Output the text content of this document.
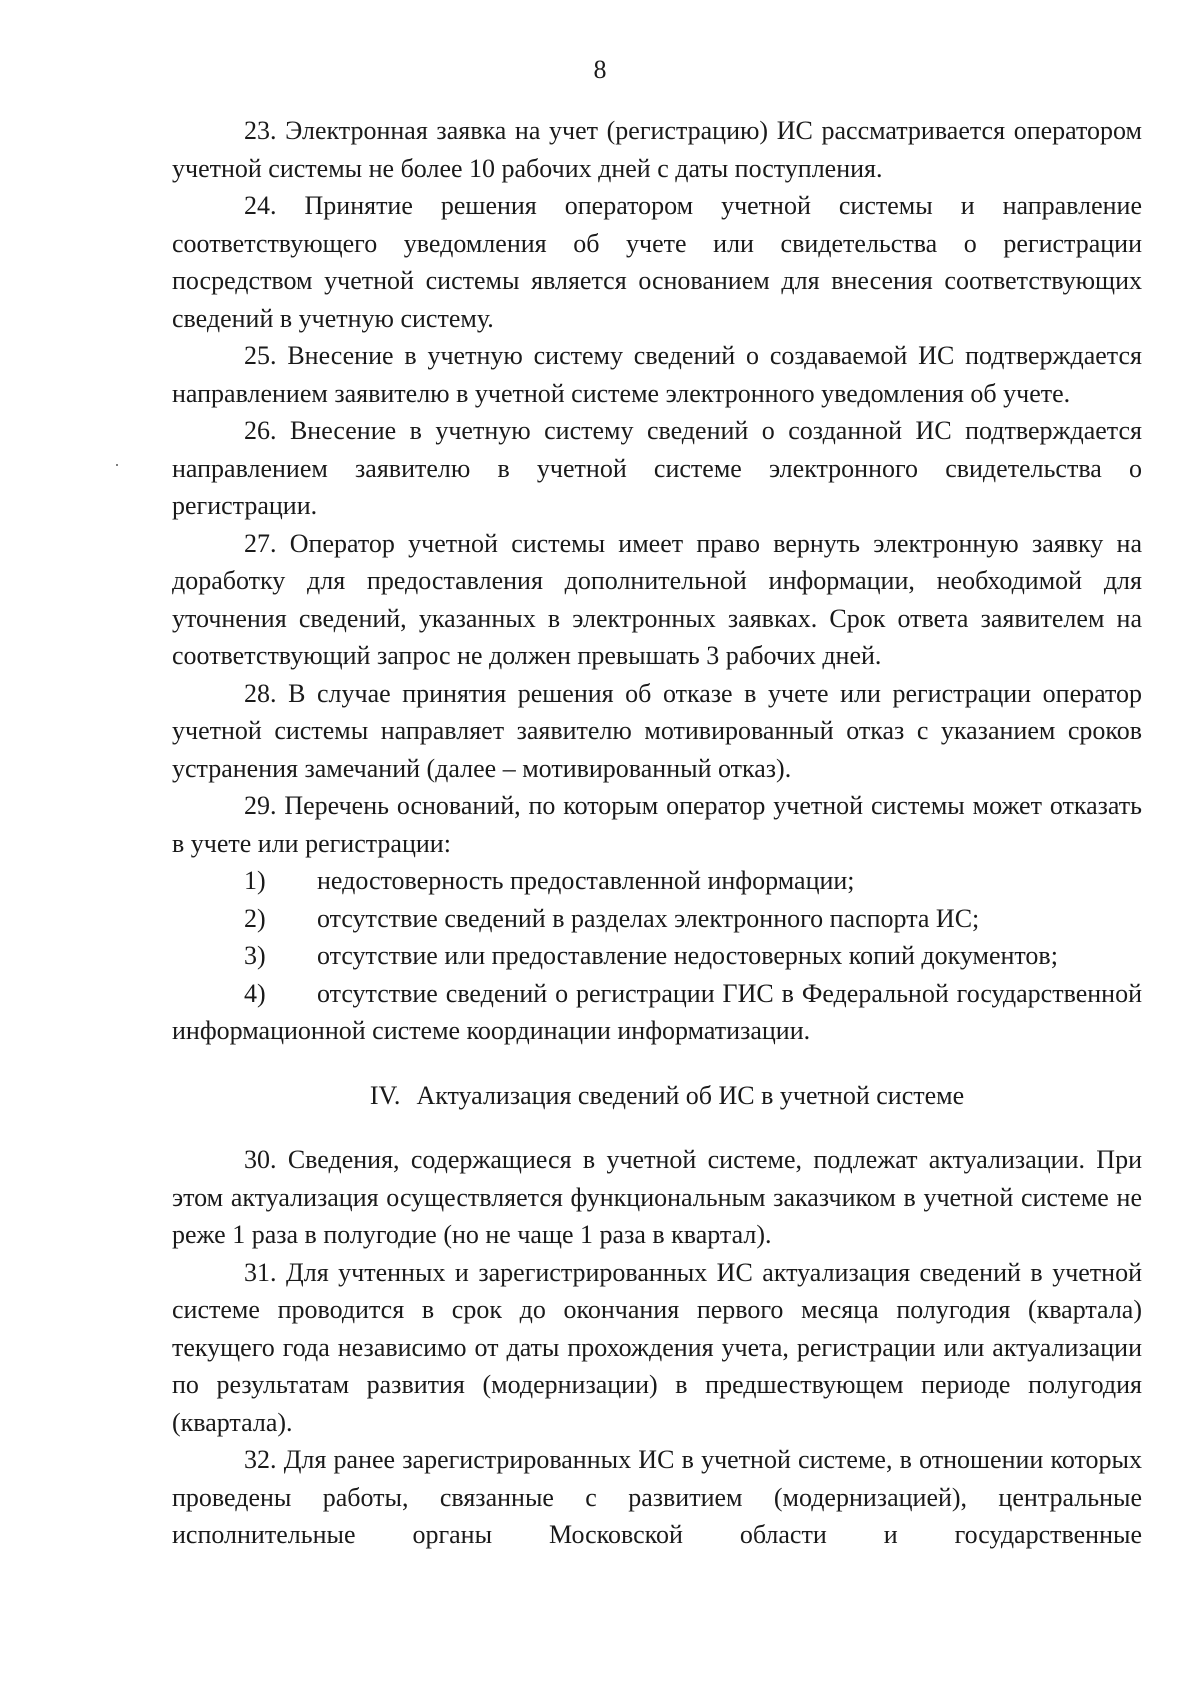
8

23. Электронная заявка на учет (регистрацию) ИС рассматривается оператором учетной системы не более 10 рабочих дней с даты поступления.

24. Принятие решения оператором учетной системы и направление соответствующего уведомления об учете или свидетельства о регистрации посредством учетной системы является основанием для внесения соответствующих сведений в учетную систему.

25. Внесение в учетную систему сведений о создаваемой ИС подтверждается направлением заявителю в учетной системе электронного уведомления об учете.

26. Внесение в учетную систему сведений о созданной ИС подтверждается направлением заявителю в учетной системе электронного свидетельства о регистрации.

27. Оператор учетной системы имеет право вернуть электронную заявку на доработку для предоставления дополнительной информации, необходимой для уточнения сведений, указанных в электронных заявках. Срок ответа заявителем на соответствующий запрос не должен превышать 3 рабочих дней.

28. В случае принятия решения об отказе в учете или регистрации оператор учетной системы направляет заявителю мотивированный отказ с указанием сроков устранения замечаний (далее – мотивированный отказ).

29. Перечень оснований, по которым оператор учетной системы может отказать в учете или регистрации:

1) недостоверность предоставленной информации;

2) отсутствие сведений в разделах электронного паспорта ИС;

3) отсутствие или предоставление недостоверных копий документов;

4) отсутствие сведений о регистрации ГИС в Федеральной государственной информационной системе координации информатизации.

IV. Актуализация сведений об ИС в учетной системе

30. Сведения, содержащиеся в учетной системе, подлежат актуализации. При этом актуализация осуществляется функциональным заказчиком в учетной системе не реже 1 раза в полугодие (но не чаще 1 раза в квартал).

31. Для учтенных и зарегистрированных ИС актуализация сведений в учетной системе проводится в срок до окончания первого месяца полугодия (квартала) текущего года независимо от даты прохождения учета, регистрации или актуализации по результатам развития (модернизации) в предшествующем периоде полугодия (квартала).

32. Для ранее зарегистрированных ИС в учетной системе, в отношении которых проведены работы, связанные с развитием (модернизацией), центральные исполнительные органы Московской области и государственные
